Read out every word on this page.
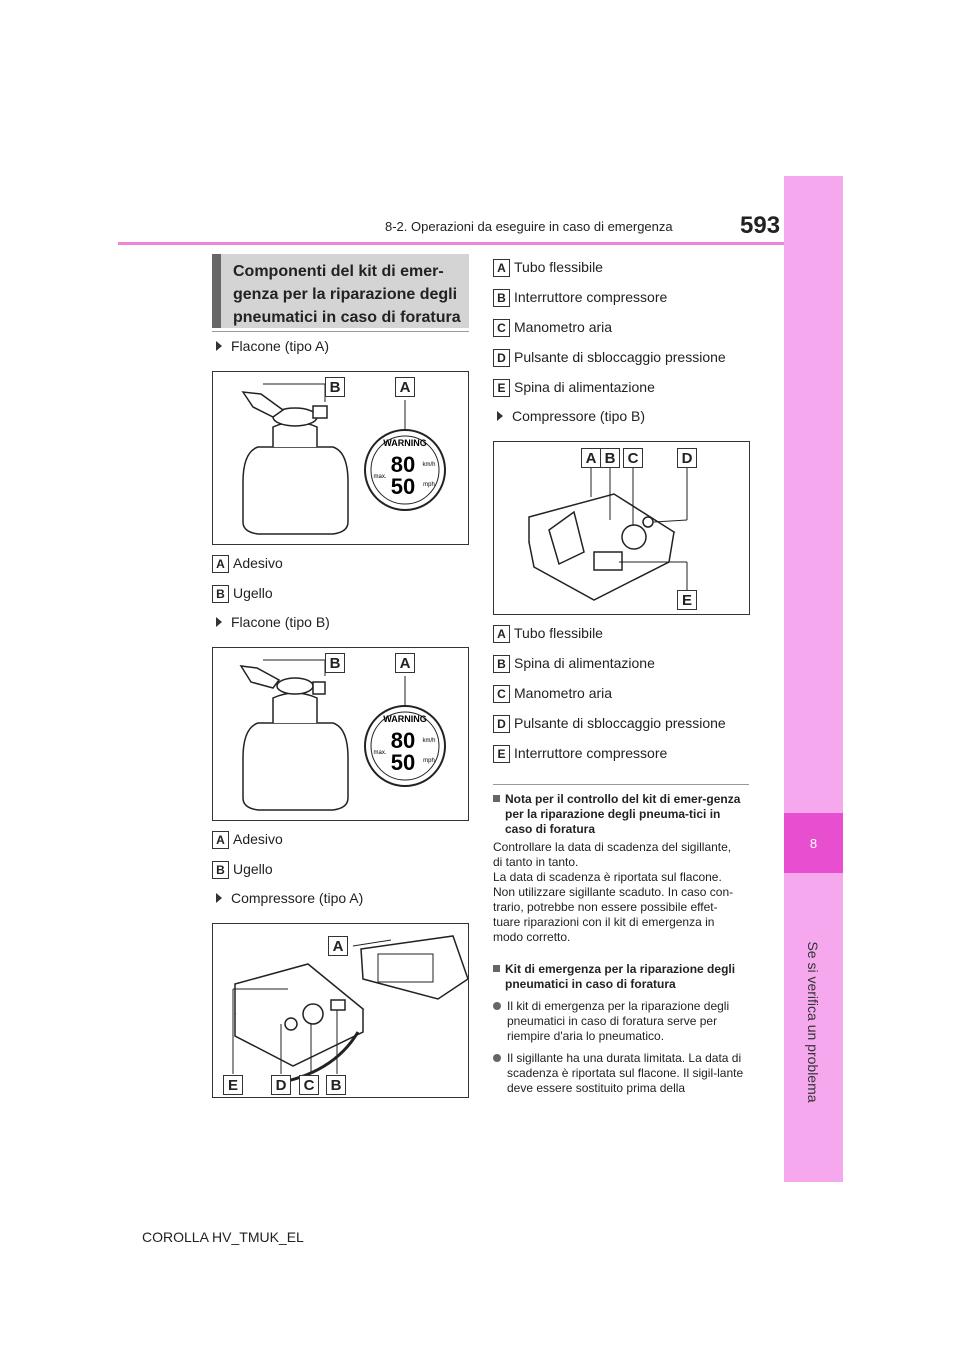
593
8-2. Operazioni da eseguire in caso di emergenza
8
Se si verifica un problema
Componenti del kit di emer-
genza per la riparazione degli
pneumatici in caso di foratura
Flacone (tipo A)
WARNING
80
50
km/h
mph
max.
B	A
A Adesivo
B Ugello
Flacone (tipo B)
WARNING
80
50
km/h
mph
max.
B	A
A Adesivo
B Ugello
Compressore (tipo A)
A
E	D	C	B
A Tubo flessibile
B Interruttore compressore
C Manometro aria
D Pulsante di sbloccaggio pressione
E Spina di alimentazione
Compressore (tipo B)
A B C	D
E
A Tubo flessibile
B Spina di alimentazione
C Manometro aria
D Pulsante di sbloccaggio pressione
E Interruttore compressore
Nota per il controllo del kit di emer-genza per la riparazione degli pneuma-tici in caso di foratura
Controllare la data di scadenza del sigillante,
di tanto in tanto.
La data di scadenza è riportata sul flacone.
Non utilizzare sigillante scaduto. In caso con-
trario, potrebbe non essere possibile effet-
tuare riparazioni con il kit di emergenza in
modo corretto.
Kit di emergenza per la riparazione degli pneumatici in caso di foratura
Il kit di emergenza per la riparazione degli pneumatici in caso di foratura serve per riempire d'aria lo pneumatico.
Il sigillante ha una durata limitata. La data di scadenza è riportata sul flacone. Il sigil-lante deve essere sostituito prima della
COROLLA HV_TMUK_EL
